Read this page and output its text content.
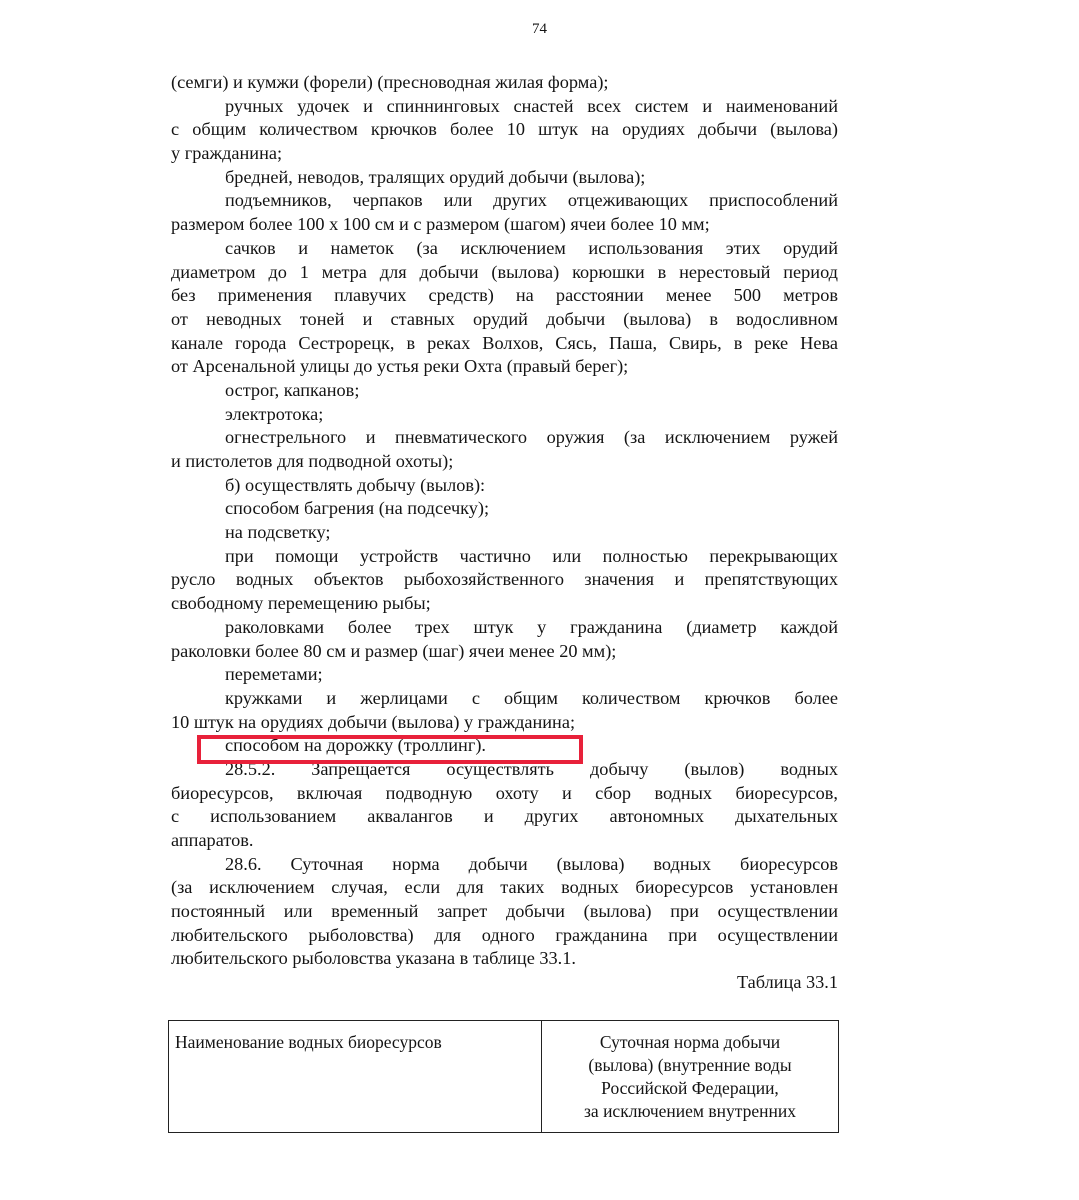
74
(семги) и кумжи (форели) (пресноводная жилая форма);
ручных удочек и спиннинговых снастей всех систем и наименований
с общим количеством крючков более 10 штук на орудиях добычи (вылова)
у гражданина;
бредней, неводов, тралящих орудий добычи (вылова);
подъемников, черпаков или других отцеживающих приспособлений
размером более 100 х 100 см и с размером (шагом) ячеи более 10 мм;
сачков и наметок (за исключением использования этих орудий
диаметром до 1 метра для добычи (вылова) корюшки в нерестовый период
без применения плавучих средств) на расстоянии менее 500 метров
от неводных тоней и ставных орудий добычи (вылова) в водосливном
канале города Сестрорецк, в реках Волхов, Сясь, Паша, Свирь, в реке Нева
от Арсенальной улицы до устья реки Охта (правый берег);
острог, капканов;
электротока;
огнестрельного и пневматического оружия (за исключением ружей
и пистолетов для подводной охоты);
б) осуществлять добычу (вылов):
способом багрения (на подсечку);
на подсветку;
при помощи устройств частично или полностью перекрывающих
русло водных объектов рыбохозяйственного значения и препятствующих
свободному перемещению рыбы;
раколовками более трех штук у гражданина (диаметр каждой
раколовки более 80 см и размер (шаг) ячеи менее 20 мм);
переметами;
кружками и жерлицами с общим количеством крючков более
10 штук на орудиях добычи (вылова) у гражданина;
способом на дорожку (троллинг).
28.5.2. Запрещается осуществлять добычу (вылов) водных
биоресурсов, включая подводную охоту и сбор водных биоресурсов,
с использованием аквалангов и других автономных дыхательных
аппаратов.
28.6. Суточная норма добычи (вылова) водных биоресурсов
(за исключением случая, если для таких водных биоресурсов установлен
постоянный или временный запрет добычи (вылова) при осуществлении
любительского рыболовства) для одного гражданина при осуществлении
любительского рыболовства указана в таблице 33.1.
Таблица 33.1
Наименование водных биоресурсов	Суточная норма добычи
(вылова) (внутренние воды
Российской Федерации,
за исключением внутренних
